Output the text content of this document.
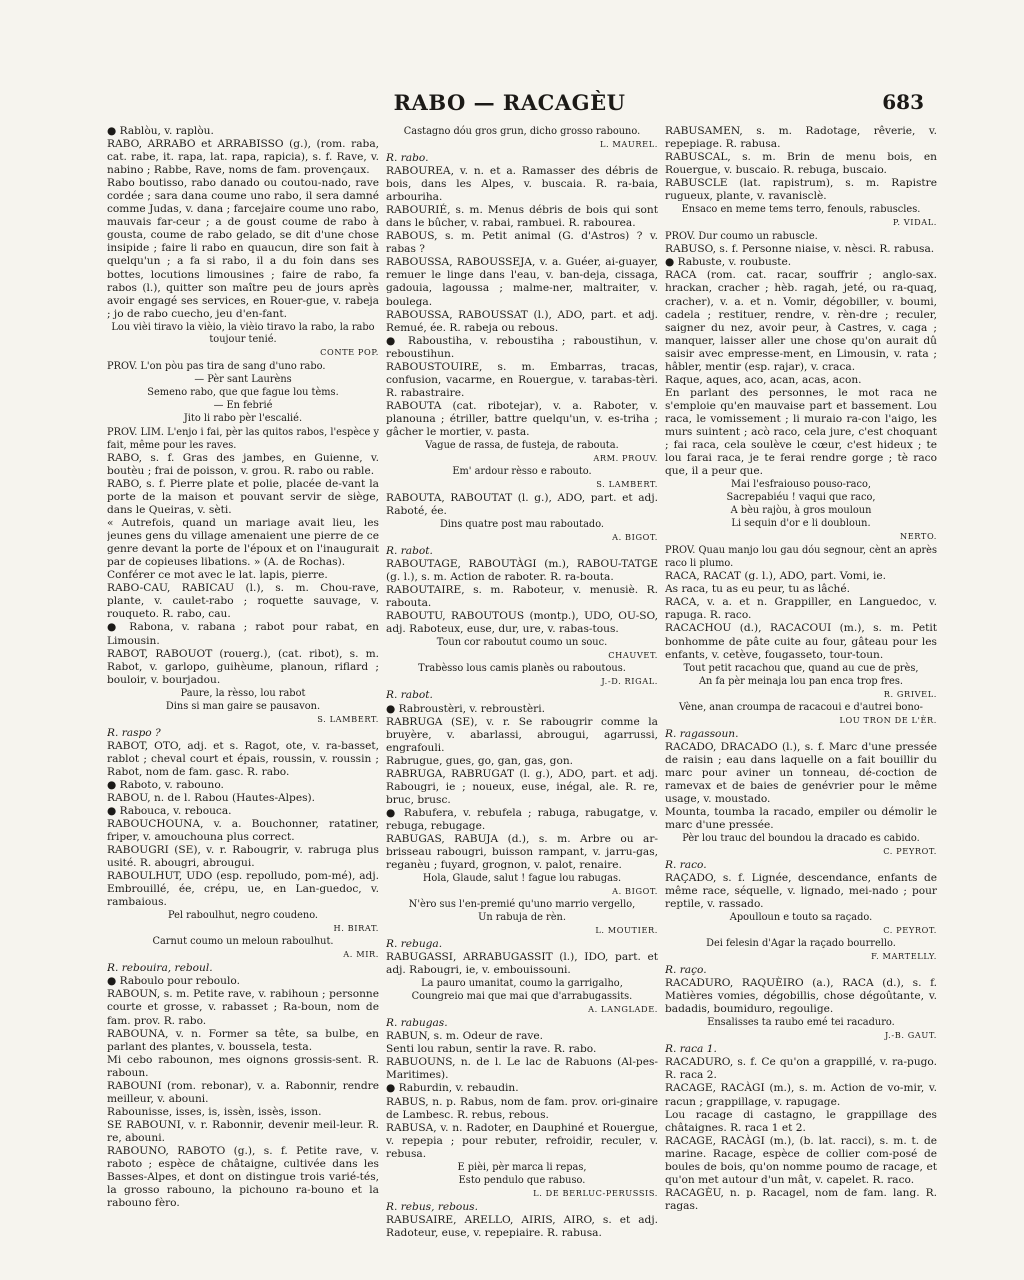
RABO — RACAGÈU	683

● Rablòu, v. raplòu.

RABO, ARRABO et ARRABISSO (g.), (rom. raba, cat. rabe, it. rapa, lat. rapa, rapicia), s. f. Rave, v. nabino ; Rabbe, Rave, noms de fam. provençaux.

Rabo boutisso, rabo danado ou coutou-nado, rave cordée ; sara dana coume uno rabo, il sera damné comme Judas, v. dana ; farcejaire coume uno rabo, mauvais far-ceur ; a de goust coume de rabo à gousta, coume de rabo gelado, se dit d'une chose insipide ; faire li rabo en quaucun, dire son fait à quelqu'un ; a fa si rabo, il a du foin dans ses bottes, locutions limousines ; faire de rabo, fa rabos (l.), quitter son maître peu de jours après avoir engagé ses services, en Rouer-gue, v. rabeja ; jo de rabo cuecho, jeu d'en-fant.

Lou vièi tiravo la vièio, la vièio tiravo la rabo, la rabo toujour tenié.

CONTE POP.

PROV. L'on pòu pas tira de sang d'uno rabo.

— Pèr sant Laurèns

Semeno rabo, que que fague lou tèms.

— En febrié

Jito li rabo pèr l'escalié.

PROV. LIM. L'enjo i fai, pèr las quitos rabos, l'espèce y fait, même pour les raves.

RABO, s. f. Gras des jambes, en Guienne, v. boutèu ; frai de poisson, v. grou. R. rabo ou rable.

RABO, s. f. Pierre plate et polie, placée de-vant la porte de la maison et pouvant servir de siège, dans le Queiras, v. sèti.

« Autrefois, quand un mariage avait lieu, les jeunes gens du village amenaient une pierre de ce genre devant la porte de l'époux et on l'inaugurait par de copieuses libations. » (A. de Rochas).

Conférer ce mot avec le lat. lapis, pierre.

RABO-CAU, RABICAU (l.), s. m. Chou-rave, plante, v. caulet-rabo ; roquette sauvage, v. rouqueto. R. rabo, cau.

● Rabona, v. rabana ; rabot pour rabat, en Limousin.

RABOT, RABOUOT (rouerg.), (cat. ribot), s. m. Rabot, v. garlopo, guihèume, planoun, riflard ; bouloir, v. bourjadou.

Paure, la rèsso, lou rabot

Dins si man gaire se pausavon.

S. LAMBERT.

R. raspo ?

RABOT, OTO, adj. et s. Ragot, ote, v. ra-basset, rablot ; cheval court et épais, roussin, v. roussin ; Rabot, nom de fam. gasc. R. rabo.

● Raboto, v. rabouno.

RABOU, n. de l. Rabou (Hautes-Alpes).

● Rabouca, v. rebouca.

RABOUCHOUNA, v. a. Bouchonner, ratatiner, friper, v. amouchouna plus correct.

RABOUGRI (SE), v. r. Rabougrir, v. rabruga plus usité. R. abougri, abrougui.

RABOULHUT, UDO (esp. repolludo, pom-mé), adj. Embrouillé, ée, crépu, ue, en Lan-guedoc, v. rambaious.

Pel raboulhut, negro coudeno.

H. BIRAT.

Carnut coumo un meloun raboulhut.

A. MIR.

R. rebouira, reboul.

● Raboulo pour reboulo.

RABOUN, s. m. Petite rave, v. rabihoun ; personne courte et grosse, v. rabasset ; Ra-boun, nom de fam. prov. R. rabo.

RABOUNA, v. n. Former sa tête, sa bulbe, en parlant des plantes, v. boussela, testa.

Mi cebo rabounon, mes oignons grossis-sent. R. raboun.

RABOUNI (rom. rebonar), v. a. Rabonnir, rendre meilleur, v. abouni.

Rabounisse, isses, is, issèn, issès, isson.

SE RABOUNI, v. r. Rabonnir, devenir meil-leur. R. re, abouni.

RABOUNO, RABOTO (g.), s. f. Petite rave, v. raboto ; espèce de châtaigne, cultivée dans les Basses-Alpes, et dont on distingue trois varié-tés, la grosso rabouno, la pichouno ra-bouno et la rabouno fèro.

Castagno dóu gros grun, dicho grosso rabouno.

L. MAUREL.

R. rabo.

RABOUREA, v. n. et a. Ramasser des débris de bois, dans les Alpes, v. buscaia. R. ra-baia, arbouriha.

RABOURIÉ, s. m. Menus débris de bois qui sont dans le bûcher, v. rabai, rambuei. R. rabourea.

RABOUS, s. m. Petit animal (G. d'Astros) ? v. rabas ?

RABOUSSA, RABOUSSEJA, v. a. Guéer, ai-guayer, remuer le linge dans l'eau, v. ban-deja, cissaga, gadouia, lagoussa ; malme-ner, maltraiter, v. boulega.

RABOUSSA, RABOUSSAT (l.), ADO, part. et adj. Remué, ée. R. rabeja ou rebous.

● Raboustiha, v. reboustiha ; raboustihun, v. reboustihun.

RABOUSTOUIRE, s. m. Embarras, tracas, confusion, vacarme, en Rouergue, v. tarabas-tèri. R. rabastraire.

RABOUTA (cat. ribotejar), v. a. Raboter, v. planouna ; étriller, battre quelqu'un, v. es-triha ; gâcher le mortier, v. pasta.

Vague de rassa, de fusteja, de rabouta.

ARM. PROUV.

Em' ardour rèsso e rabouto.

S. LAMBERT.

RABOUTA, RABOUTAT (l. g.), ADO, part. et adj. Raboté, ée.

Dins quatre post mau raboutado.

A. BIGOT.

R. rabot.

RABOUTAGE, RABOUTÀGI (m.), RABOU-TATGE (g. l.), s. m. Action de raboter. R. ra-bouta.

RABOUTAIRE, s. m. Raboteur, v. menusiè. R. rabouta.

RABOUTU, RABOUTOUS (montp.), UDO, OU-SO, adj. Raboteux, euse, dur, ure, v. rabas-tous.

Toun cor raboutut coumo un souc.

CHAUVET.

Trabèsso lous camis planès ou raboutous.

J.-D. RIGAL.

R. rabot.

● Rabroustèri, v. rebroustèri.

RABRUGA (SE), v. r. Se rabougrir comme la bruyère, v. abarlassi, abrougui, agarrussi, engrafouli.

Rabrugue, gues, go, gan, gas, gon.

RABRUGA, RABRUGAT (l. g.), ADO, part. et adj. Rabougri, ie ; noueux, euse, inégal, ale. R. re, bruc, brusc.

● Rabufera, v. rebufela ; rabuga, rabugatge, v. rebuga, rebugage.

RABUGAS, RABUJA (d.), s. m. Arbre ou ar-brisseau rabougri, buisson rampant, v. jarru-gas, reganèu ; fuyard, grognon, v. palot, renaire.

Hola, Glaude, salut ! fague lou rabugas.

A. BIGOT.

N'èro sus l'en-premié qu'uno marrio vergello,

Un rabuja de rèn.

L. MOUTIER.

R. rebuga.

RABUGASSI, ARRABUGASSIT (l.), IDO, part. et adj. Rabougri, ie, v. embouissouni.

La pauro umanitat, coumo la garrigalho,

Coungreio mai que mai que d'arrabugassits.

A. LANGLADE.

R. rabugas.

RABUN, s. m. Odeur de rave.

Senti lou rabun, sentir la rave. R. rabo.

RABUOUNS, n. de l. Le lac de Rabuons (Al-pes-Maritimes).

● Raburdin, v. rebaudin.

RABUS, n. p. Rabus, nom de fam. prov. ori-ginaire de Lambesc. R. rebus, rebous.

RABUSA, v. n. Radoter, en Dauphiné et Rouergue, v. repepia ; pour rebuter, refroidir, reculer, v. rebusa.

E pièi, pèr marca li repas,

Esto pendulo que rabuso.

L. DE BERLUC-PERUSSIS.

R. rebus, rebous.

RABUSAIRE, ARELLO, AIRIS, AIRO, s. et adj. Radoteur, euse, v. repepiaire. R. rabusa.

RABUSAMEN, s. m. Radotage, rêverie, v. repepiage. R. rabusa.

RABUSCAL, s. m. Brin de menu bois, en Rouergue, v. buscaio. R. rebuga, buscaio.

RABUSCLE (lat. rapistrum), s. m. Rapistre rugueux, plante, v. ravanisclè.

Ensaco en meme tems terro, fenouls, rabuscles.

P. VIDAL.

PROV. Dur coumo un rabuscle.

RABUSO, s. f. Personne niaise, v. nèsci. R. rabusa.

● Rabuste, v. roubuste.

RACA (rom. cat. racar, souffrir ; anglo-sax. hrackan, cracher ; hèb. ragah, jeté, ou ra-quaq, cracher), v. a. et n. Vomir, dégobiller, v. boumi, cadela ; restituer, rendre, v. rèn-dre ; reculer, saigner du nez, avoir peur, à Castres, v. caga ; manquer, laisser aller une chose qu'on aurait dû saisir avec empresse-ment, en Limousin, v. rata ; hâbler, mentir (esp. rajar), v. craca.

Raque, aques, aco, acan, acas, acon.

En parlant des personnes, le mot raca ne s'emploie qu'en mauvaise part et bassement. Lou raca, le vomissement ; li muraio ra-con l'aigo, les murs suintent ; acò raco, cela jure, c'est choquant ; fai raca, cela soulève le cœur, c'est hideux ; te lou farai raca, je te ferai rendre gorge ; tè raco que, il a peur que.

Mai l'esfraiouso pouso-raco,

Sacrepabiéu ! vaqui que raco,

A bèu rajòu, à gros mouloun

Li sequin d'or e li doubloun.

NERTO.

PROV. Quau manjo lou gau dóu segnour, cènt an après raco li plumo.

RACA, RACAT (g. l.), ADO, part. Vomi, ie.

As raca, tu as eu peur, tu as lâché.

RACA, v. a. et n. Grappiller, en Languedoc, v. rapuga. R. raco.

RACACHOU (d.), RACACOUI (m.), s. m. Petit bonhomme de pâte cuite au four, gâteau pour les enfants, v. cetève, fougasseto, tour-toun.

Tout petit racachou que, quand au cue de près,

An fa pèr meinaja lou pan enca trop fres.

R. GRIVEL.

Vène, anan croumpa de racacoui e d'autrei bono-

LOU TRON DE L'ÈR.

R. ragassoun.

RACADO, DRACADO (l.), s. f. Marc d'une pressée de raisin ; eau dans laquelle on a fait bouillir du marc pour aviner un tonneau, dé-coction de ramevax et de baies de genévrier pour le même usage, v. moustado.

Mounta, toumba la racado, empiler ou démolir le marc d'une pressée.

Pèr lou trauc del boundou la dracado es cabido.

C. PEYROT.

R. raco.

RAÇADO, s. f. Lignée, descendance, enfants de même race, séquelle, v. lignado, mei-nado ; pour reptile, v. rassado.

Apoulloun e touto sa raçado.

C. PEYROT.

Dei felesin d'Agar la raçado bourrello.

F. MARTELLY.

R. raço.

RACADURO, RAQUÈIRO (a.), RACA (d.), s. f. Matières vomies, dégobillis, chose dégoûtante, v. badadis, boumiduro, regoulige.

Ensalisses ta raubo emé tei racaduro.

J.-B. GAUT.

R. raca 1.

RACADURO, s. f. Ce qu'on a grappillé, v. ra-pugo. R. raca 2.

RACAGE, RACÀGI (m.), s. m. Action de vo-mir, v. racun ; grappillage, v. rapugage.

Lou racage di castagno, le grappillage des châtaignes. R. raca 1 et 2.

RACAGE, RACÀGI (m.), (b. lat. racci), s. m. t. de marine. Racage, espèce de collier com-posé de boules de bois, qu'on nomme poumo de racage, et qu'on met autour d'un mât, v. capelet. R. raco.

RACAGÈU, n. p. Racagel, nom de fam. lang. R. ragas.
